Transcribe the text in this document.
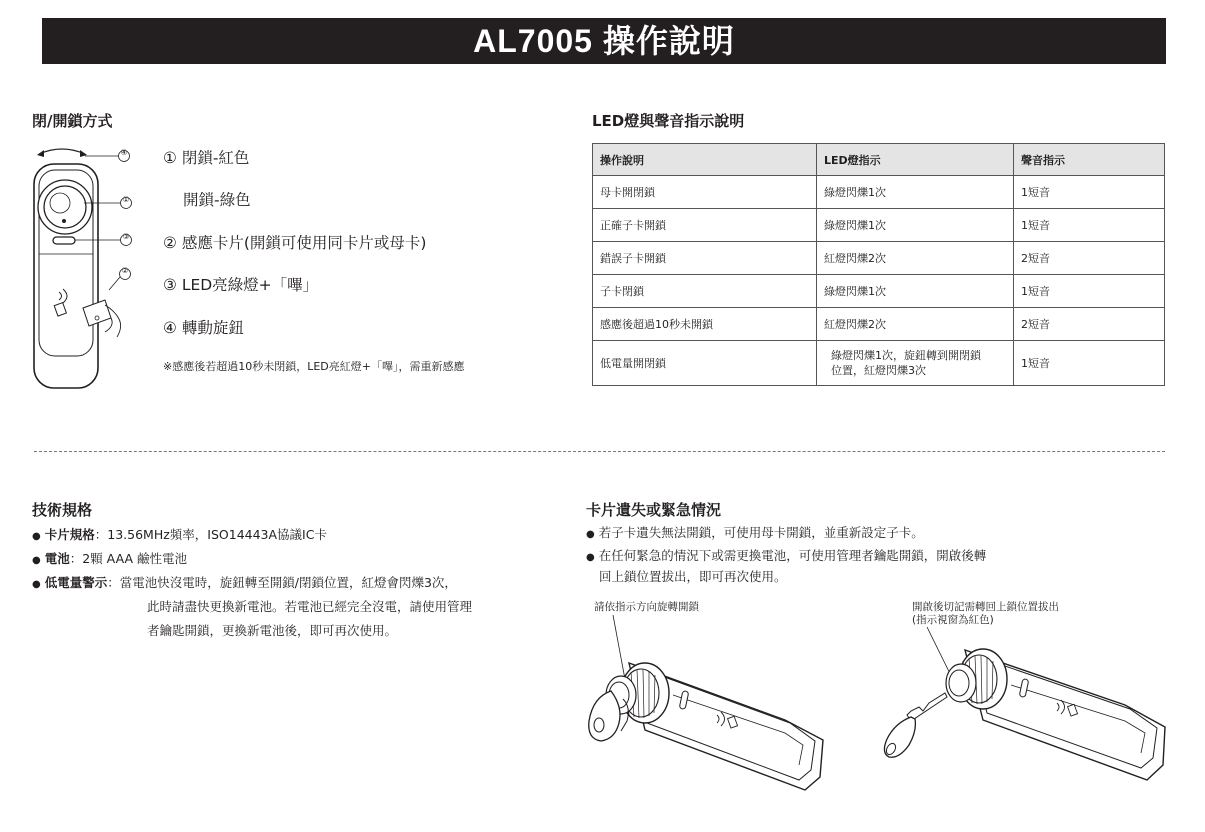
AL7005 操作說明
閉/開鎖方式
④
①
③
②
① 閉鎖-紅色
開鎖-綠色
② 感應卡片(開鎖可使用同卡片或母卡)
③ LED亮綠燈+「嗶」
④ 轉動旋鈕
※感應後若超過10秒未閉鎖，LED亮紅燈+「嗶」，需重新感應
LED燈與聲音指示說明
操作說明	LED燈指示	聲音指示
母卡開閉鎖	綠燈閃爍1次	1短音
正確子卡開鎖	綠燈閃爍1次	1短音
錯誤子卡開鎖	紅燈閃爍2次	2短音
子卡閉鎖	綠燈閃爍1次	1短音
感應後超過10秒未開鎖	紅燈閃爍2次	2短音
低電量開閉鎖	綠燈閃爍1次，旋鈕轉到開閉鎖
位置，紅燈閃爍3次	1短音
技術規格
● 卡片規格：13.56MHz頻率，ISO14443A協議IC卡
● 電池：2顆 AAA 鹼性電池
● 低電量警示：當電池快沒電時，旋鈕轉至開鎖/閉鎖位置，紅燈會閃爍3次，
此時請盡快更換新電池。若電池已經完全沒電，請使用管理
者鑰匙開鎖，更換新電池後，即可再次使用。
卡片遺失或緊急情況
● 若子卡遺失無法開鎖，可使用母卡開鎖，並重新設定子卡。
● 在任何緊急的情況下或需更換電池，可使用管理者鑰匙開鎖，開啟後轉
回上鎖位置拔出，即可再次使用。
請依指示方向旋轉開鎖	開啟後切記需轉回上鎖位置拔出
(指示視窗為紅色)
